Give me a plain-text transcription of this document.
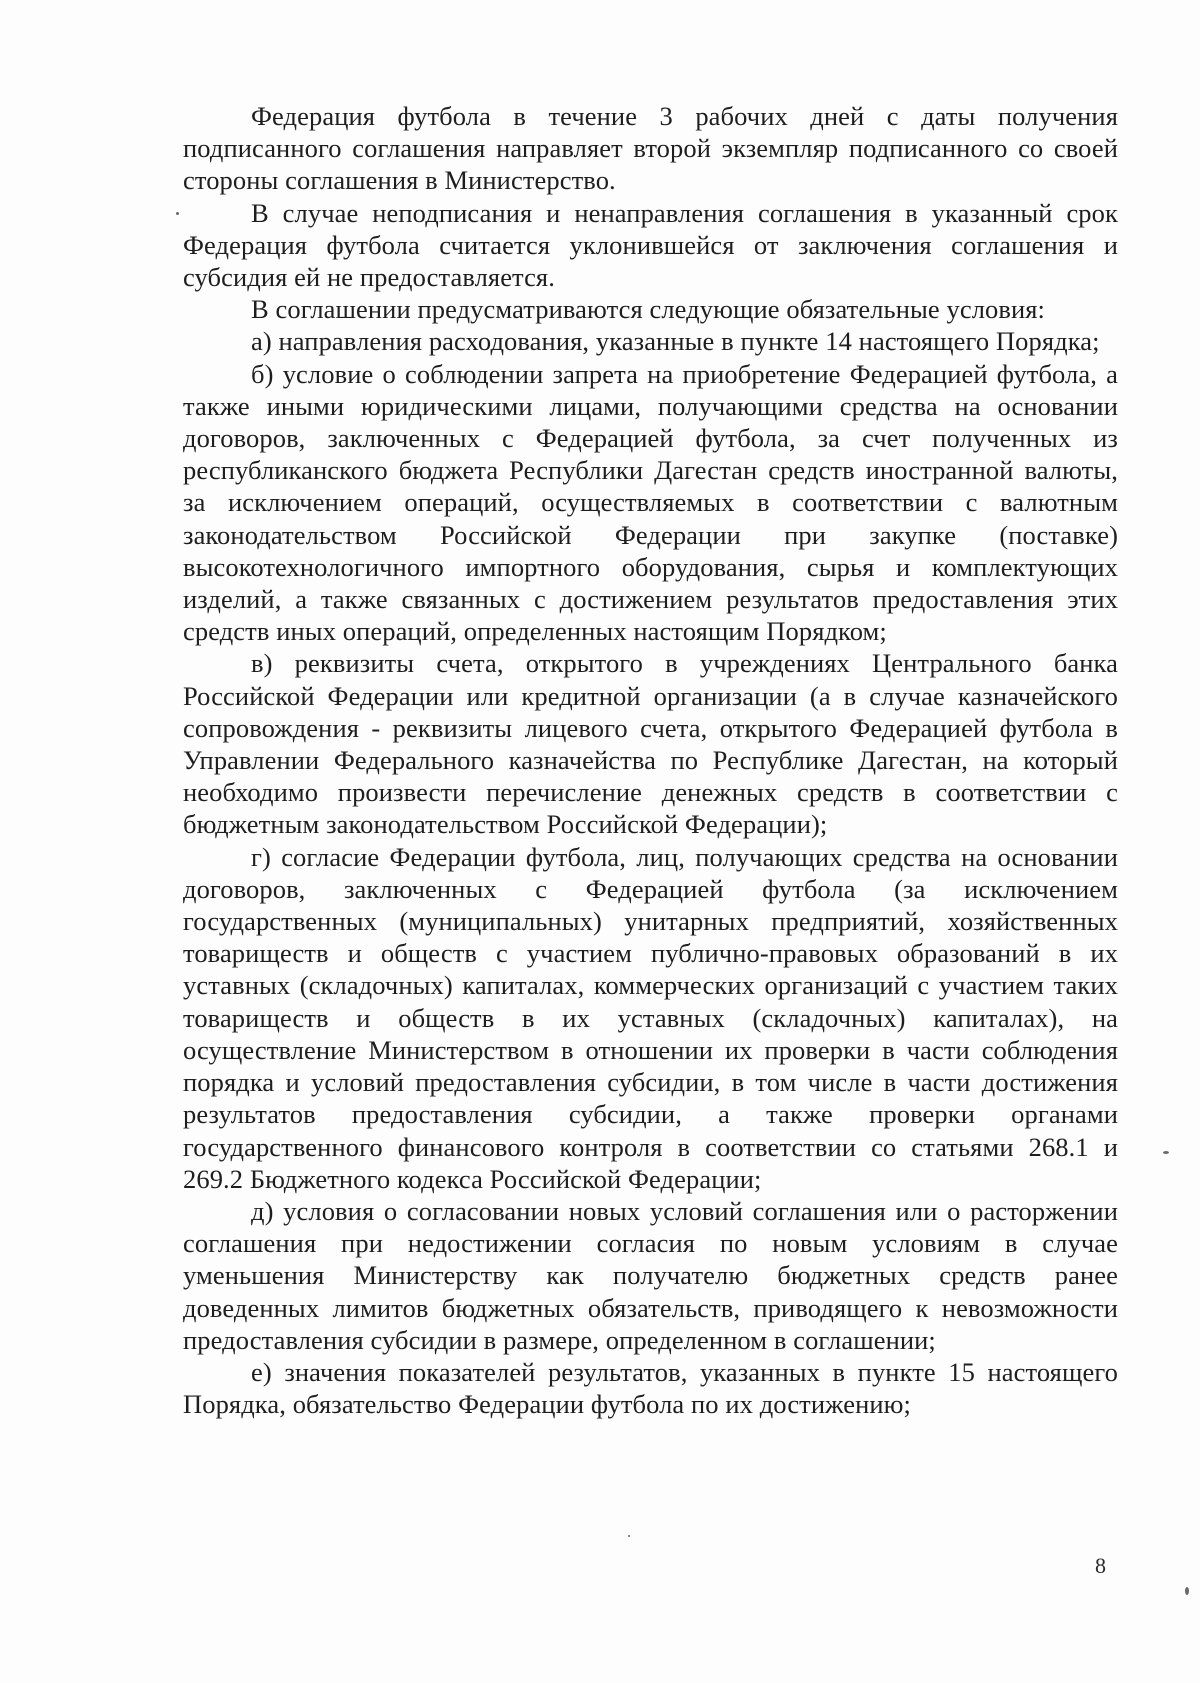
Федерация футбола в течение 3 рабочих дней с даты получения подписанного соглашения направляет второй экземпляр подписанного со своей стороны соглашения в Министерство.

В случае неподписания и ненаправления соглашения в указанный срок Федерация футбола считается уклонившейся от заключения соглашения и субсидия ей не предоставляется.

В соглашении предусматриваются следующие обязательные условия:

а) направления расходования, указанные в пункте 14 настоящего Порядка;

б) условие о соблюдении запрета на приобретение Федерацией футбола, а также иными юридическими лицами, получающими средства на основании договоров, заключенных с Федерацией футбола, за счет полученных из республиканского бюджета Республики Дагестан средств иностранной валюты, за исключением операций, осуществляемых в соответствии с валютным законодательством Российской Федерации при закупке (поставке) высокотехнологичного импортного оборудования, сырья и комплектующих изделий, а также связанных с достижением результатов предоставления этих средств иных операций, определенных настоящим Порядком;

в) реквизиты счета, открытого в учреждениях Центрального банка Российской Федерации или кредитной организации (а в случае казначейского сопровождения - реквизиты лицевого счета, открытого Федерацией футбола в Управлении Федерального казначейства по Республике Дагестан, на который необходимо произвести перечисление денежных средств в соответствии с бюджетным законодательством Российской Федерации);

г) согласие Федерации футбола, лиц, получающих средства на основании договоров, заключенных с Федерацией футбола (за исключением государственных (муниципальных) унитарных предприятий, хозяйственных товариществ и обществ с участием публично-правовых образований в их уставных (складочных) капиталах, коммерческих организаций с участием таких товариществ и обществ в их уставных (складочных) капиталах), на осуществление Министерством в отношении их проверки в части соблюдения порядка и условий предоставления субсидии, в том числе в части достижения результатов предоставления субсидии, а также проверки органами государственного финансового контроля в соответствии со статьями 268.1 и 269.2 Бюджетного кодекса Российской Федерации;

д) условия о согласовании новых условий соглашения или о расторжении соглашения при недостижении согласия по новым условиям в случае уменьшения Министерству как получателю бюджетных средств ранее доведенных лимитов бюджетных обязательств, приводящего к невозможности предоставления субсидии в размере, определенном в соглашении;

е) значения показателей результатов, указанных в пункте 15 настоящего Порядка, обязательство Федерации футбола по их достижению;

8
